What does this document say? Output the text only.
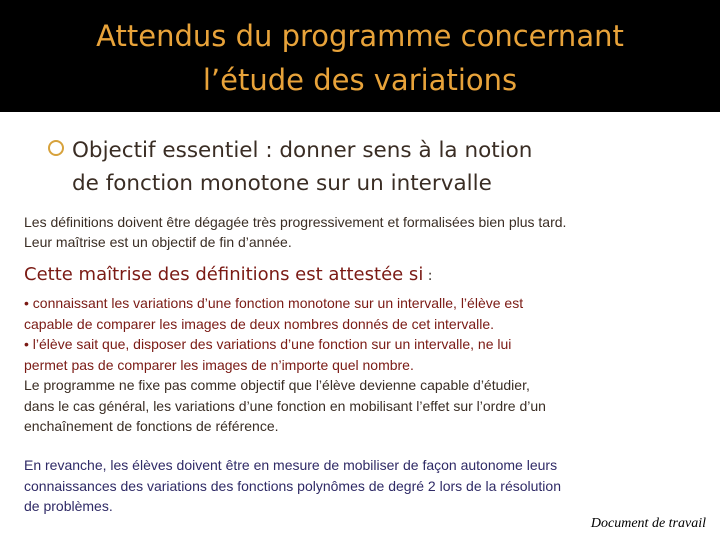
Attendus du programme concernant
l’étude des variations
Objectif essentiel : donner sens à la notion
de fonction monotone sur un intervalle
Les définitions doivent être dégagée très progressivement et formalisées bien plus tard.
Leur maîtrise est un objectif de fin d’année.
Cette maîtrise des définitions est attestée si :
• connaissant les variations d’une fonction monotone sur un intervalle, l’élève est
capable de comparer les images de deux nombres donnés de cet intervalle.
• l’élève sait que, disposer des variations d’une fonction sur un intervalle, ne lui
permet pas de comparer les images de n’importe quel nombre.
Le programme ne fixe pas comme objectif que l’élève devienne capable d’étudier,
dans le cas général, les variations d’une fonction en mobilisant l’effet sur l’ordre d’un
enchaînement de fonctions de référence.
En revanche, les élèves doivent être en mesure de mobiliser de façon autonome leurs
connaissances des variations des fonctions polynômes de degré 2 lors de la résolution
de problèmes.
Document de travail
